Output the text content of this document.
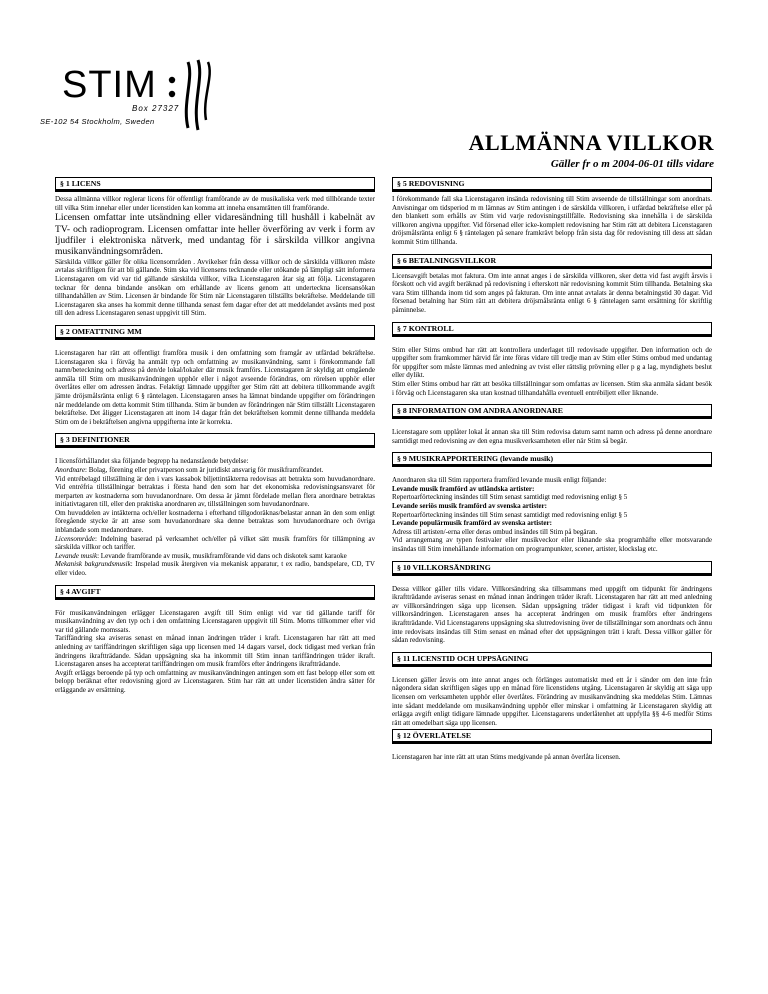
STIM
Box 27327
SE-102 54 Stockholm, Sweden
ALLMÄNNA VILLKOR
Gäller fr o m 2004-06-01 tills vidare
§ 1 LICENS

Dessa allmänna villkor reglerar licens för offentligt framförande av de musikaliska verk med tillhörande texter till vilka Stim innehar eller under licenstiden kan komma att inneha ensamrätten till framförande.

Licensen omfattar inte utsändning eller vidaresändning till hushåll i kabelnät av TV- och radioprogram. Licensen omfattar inte heller överföring av verk i form av ljudfiler i elektroniska nätverk, med undantag för i särskilda villkor angivna musikanvändningsområden.

Särskilda villkor gäller för olika licensområden . Avvikelser från dessa villkor och de särskilda villkoren måste avtalas skriftligen för att bli gällande. Stim ska vid licensens tecknande eller utökande på lämpligt sätt informera Licenstagaren om vid var tid gällande särskilda villkor, vilka Licenstagaren åtar sig att följa. Licenstagaren tecknar för denna bindande ansökan om erhållande av licens genom att underteckna licensansökan tillhandahållen av Stim. Licensen är bindande för Stim när Licenstagaren tillställts bekräftelse. Meddelande till Licenstagaren ska anses ha kommit denne tillhanda senast fem dagar efter det att meddelandet avsänts med post till den adress Licenstagaren senast uppgivit till Stim.

§ 2 OMFATTNING MM

Licenstagaren har rätt att offentligt framföra musik i den omfattning som framgår av utfärdad bekräftelse. Licenstagaren ska i förväg ha anmält typ och omfattning av musikanvändning, samt i förekommande fall namn/beteckning och adress på den/de lokal/lokaler där musik framförs. Licenstagaren är skyldig att omgående anmäla till Stim om musikanvändningen upphör eller i något avseende förändras, om rörelsen upphör eller överlåtes eller om adressen ändras. Felaktigt lämnade uppgifter ger Stim rätt att debitera tillkommande avgift jämte dröjsmålsränta enligt 6 § räntelagen. Licenstagaren anses ha lämnat bindande uppgifter om förändringen när meddelande om detta kommit Stim tillhanda. Stim är bunden av förändringen när Stim tillställt Licenstagaren bekräftelse. Det åligger Licenstagaren att inom 14 dagar från det bekräftelsen kommit denne tillhanda meddela Stim om de i bekräftelsen angivna uppgifterna inte är korrekta.

§ 3 DEFINITIONER

I licensförhållandet ska följande begrepp ha nedanstående betydelse:

Anordnare: Bolag, förening eller privatperson som är juridiskt ansvarig för musikframförandet.

Vid entrébelagd tillställning är den i vars kassabok biljettintäkterna redovisas att betrakta som huvudanordnare. Vid entréfria tillställningar betraktas i första hand den som har det ekonomiska redovisningsansvaret för merparten av kostnaderna som huvudanordnare. Om dessa är jämnt fördelade mellan flera anordnare betraktas initiativtagaren till, eller den praktiska anordnaren av, tillställningen som huvudanordnare.

Om huvuddelen av intäkterna och/eller kostnaderna i efterhand tillgodoräknas/belastar annan än den som enligt föregående stycke är att anse som huvudanordnare ska denne betraktas som huvudanordnare och övriga inblandade som medanordnare.

Licensområde: Indelning baserad på verksamhet och/eller på vilket sätt musik framförs för tillämpning av särskilda villkor och tariffer.

Levande musik: Levande framförande av musik, musikframförande vid dans och diskotek samt karaoke

Mekanisk bakgrundsmusik: Inspelad musik återgiven via mekanisk apparatur, t ex radio, bandspelare, CD, TV eller video.

§ 4 AVGIFT

För musikanvändningen erlägger Licenstagaren avgift till Stim enligt vid var tid gällande tariff för musikanvändning av den typ och i den omfattning Licenstagaren uppgivit till Stim. Moms tillkommer efter vid var tid gällande momssats.

Tariffändring ska aviseras senast en månad innan ändringen träder i kraft. Licenstagaren har rätt att med anledning av tariffändringen skriftligen säga upp licensen med 14 dagars varsel, dock tidigast med verkan från ändringens ikraftträdande. Sådan uppsägning ska ha inkommit till Stim innan tariffändringen träder ikraft. Licenstagaren anses ha accepterat tariffändringen om musik framförs efter ändringens ikraftträdande.

Avgift erläggs beroende på typ och omfattning av musikanvändningen antingen som ett fast belopp eller som ett belopp beräknat efter redovisning gjord av Licenstagaren. Stim har rätt att under licenstiden ändra sätter för erläggande av ersättning.

§ 5 REDOVISNING

I förekommande fall ska Licenstagaren insända redovisning till Stim avseende de tillställningar som anordnats. Anvisningar om tidsperiod m m lämnas av Stim antingen i de särskilda villkoren, i utfärdad bekräftelse eller på den blankett som erhålls av Stim vid varje redovisningstillfälle. Redovisning ska innehålla i de särskilda villkoren angivna uppgifter. Vid försenad eller icke-komplett redovisning har Stim rätt att debitera Licenstagaren dröjsmålsränta enligt 6 § räntelagen på senare framkrävt belopp från sista dag för redovisning till dess att sådan kommit Stim tillhanda.

§ 6 BETALNINGSVILLKOR

Licensavgift betalas mot faktura. Om inte annat anges i de särskilda villkoren, sker detta vid fast avgift årsvis i förskott och vid avgift beräknad på redovisning i efterskott när redovisning kommit Stim tillhanda. Betalning ska vara Stim tillhanda inom tid som anges på fakturan. Om inte annat avtalats är denna betalningstid 30 dagar. Vid försenad betalning har Stim rätt att debitera dröjsmålsränta enligt 6 § räntelagen samt ersättning för skriftlig påminnelse.

§ 7 KONTROLL

Stim eller Stims ombud har rätt att kontrollera underlaget till redovisade uppgifter. Den information och de uppgifter som framkommer härvid får inte föras vidare till tredje man av Stim eller Stims ombud med undantag för uppgifter som måste lämnas med anledning av tvist eller rättslig prövning eller p g a lag, myndighets beslut eller dylikt.

Stim eller Stims ombud har rätt att besöka tillställningar som omfattas av licensen. Stim ska anmäla sådant besök i förväg och Licenstagaren ska utan kostnad tillhandahålla eventuell entrébiljett eller liknande.

§ 8 INFORMATION OM ANDRA ANORDNARE

Licenstagare som upplåter lokal åt annan ska till Stim redovisa datum samt namn och adress på denne anordnare samtidigt med redovisning av den egna musikverksamheten eller när Stim så begär.

§ 9 MUSIKRAPPORTERING (levande musik)

Anordnaren ska till Stim rapportera framförd levande musik enligt följande:

Levande musik framförd av utländska artister:

Repertoarförteckning insändes till Stim senast samtidigt med redovisning enligt § 5

Levande seriös musik framförd av svenska artister:

Repertoarförteckning insändes till Stim senast samtidigt med redovisning enligt § 5

Levande populärmusik framförd av svenska artister:

Adress till artisten/-erna eller deras ombud insändes till Stim på begäran.

Vid arrangemang av typen festivaler eller musikveckor eller liknande ska programhäfte eller motsvarande insändas till Stim innehållande information om programpunkter, scener, artister, klockslag etc.

§ 10 VILLKORSÄNDRING

Dessa villkor gäller tills vidare. Villkorsändring ska tillsammans med uppgift om tidpunkt för ändringens ikraftträdande aviseras senast en månad innan ändringen träder ikraft. Licenstagaren har rätt att med anledning av villkorsändringen säga upp licensen. Sådan uppsägning träder tidigast i kraft vid tidpunkten för villkorsändringen. Licenstagaren anses ha accepterat ändringen om musik framförs efter ändringens ikraftträdande. Vid Licenstagarens uppsägning ska slutredovisning över de tillställningar som anordnats och ännu inte redovisats insändas till Stim senast en månad efter det uppsägningen trätt i kraft. Dessa villkor gäller för sådan redovisning.

§ 11 LICENSTID OCH UPPSÄGNING

Licensen gäller årsvis om inte annat anges och förlänges automatiskt med ett år i sänder om den inte från någondera sidan skriftligen säges upp en månad före licenstidens utgång. Licenstagaren är skyldig att säga upp licensen om verksamheten upphör eller överlåtes. Förändring av musikanvändning ska meddelas Stim. Lämnas inte sådant meddelande om musikanvändning upphör eller minskar i omfattning är Licenstagaren skyldig att erlägga avgift enligt tidigare lämnade uppgifter. Licenstagarens underlåtenhet att uppfylla §§ 4-6 medför Stims rätt att omedelbart säga upp licensen.

§ 12 ÖVERLÅTELSE

Licenstagaren har inte rätt att utan Stims medgivande på annan överlåta licensen.
